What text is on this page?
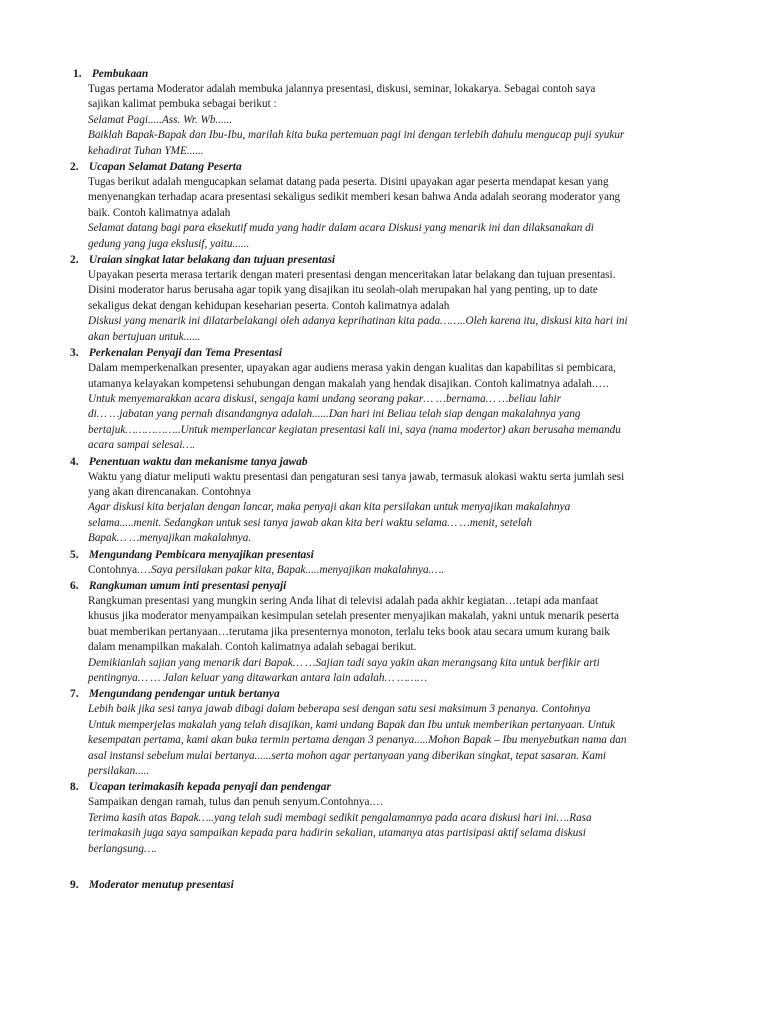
1. Pembukaan

Tugas pertama Moderator adalah membuka jalannya presentasi, diskusi, seminar, lokakarya. Sebagai contoh saya
sajikan kalimat pembuka sebagai berikut :

Selamat Pagi.....Ass. Wr. Wb......

Baiklah Bapak-Bapak dan Ibu-Ibu, marilah kita buka pertemuan pagi ini dengan terlebih dahulu mengucap puji syukur
kehadirat Tuhan YME......

2. Ucapan Selamat Datang Peserta

Tugas berikut adalah mengucapkan selamat datang pada peserta. Disini upayakan agar peserta mendapat kesan yang
menyenangkan terhadap acara presentasi sekaligus sedikit memberi kesan bahwa Anda adalah seorang moderator yang
baik. Contoh kalimatnya adalah

Selamat datang bagi para eksekutif muda yang hadir dalam acara Diskusi yang menarik ini dan dilaksanakan di
gedung yang juga ekslusif, yaitu......

2. Uraian singkat latar belakang dan tujuan presentasi

Upayakan peserta merasa tertarik dengan materi presentasi dengan menceritakan latar belakang dan tujuan presentasi.
Disini moderator harus berusaha agar topik yang disajikan itu seolah-olah merupakan hal yang penting, up to date
sekaligus dekat dengan kehidupan keseharian peserta. Contoh kalimatnya adalah

Diskusi yang menarik ini dilatarbelakangi oleh adanya keprihatinan kita pada……..Oleh karena itu, diskusi kita hari ini
akan bertujuan untuk......

3. Perkenalan Penyaji dan Tema Presentasi

Dalam memperkenalkan presenter, upayakan agar audiens merasa yakin dengan kualitas dan kapabilitas si pembicara,
utamanya kelayakan kompetensi sehubungan dengan makalah yang hendak disajikan. Contoh kalimatnya adalah.….

Untuk menyemarakkan acara diskusi, sengaja kami undang seorang pakar… …bernama… …beliau lahir
di… …jabatan yang pernah disandangnya adalah......Dan hari ini Beliau telah siap dengan makalahnya yang
bertajuk……………..Untuk memperlancar kegiatan presentasi kali ini, saya (nama modertor) akan berusaha memandu
acara sampai selesai….

4. Penentuan waktu dan mekanisme tanya jawab

Waktu yang diatur meliputi waktu presentasi dan pengaturan sesi tanya jawab, termasuk alokasi waktu serta jumlah sesi
yang akan direncanakan. Contohnya

Agar diskusi kita berjalan dengan lancar, maka penyaji akan kita persilakan untuk menyajikan makalahnya
selama.....menit. Sedangkan untuk sesi tanya jawab akan kita beri waktu selama… …menit, setelah
Bapak… …menyajikan makalahnya.

5. Mengundang Pembicara menyajikan presentasi

Contohnya.…Saya persilakan pakar kita, Bapak.....menyajikan makalahnya.….

6. Rangkuman umum inti presentasi penyaji

Rangkuman presentasi yang mungkin sering Anda lihat di televisi adalah pada akhir kegiatan…tetapi ada manfaat
khusus jika moderator menyampaikan kesimpulan setelah presenter menyajikan makalah, yakni untuk menarik peserta
buat memberikan pertanyaan…terutama jika presenternya monoton, terlalu teks book atau secara umum kurang baik
dalam menampilkan makalah. Contoh kalimatnya adalah sebagai berikut.

Demikianlah sajian yang menarik dari Bapak… …Sajian tadi saya yakin akan merangsang kita untuk berfikir arti
pentingnya… … Jalan keluar yang ditawarkan antara lain adalah… ………

7. Mengundang pendengar untuk bertanya

Lebih baik jika sesi tanya jawab dibagi dalam beberapa sesi dengan satu sesi maksimum 3 penanya. Contohnya
Untuk memperjelas makalah yang telah disajikan, kami undang Bapak dan Ibu untuk memberikan pertanyaan. Untuk
kesempatan pertama, kami akan buka termin pertama dengan 3 penanya.....Mohon Bapak – Ibu menyebutkan nama dan
asal instansi sebelum mulai bertanya......serta mohon agar pertanyaan yang diberikan singkat, tepat sasaran. Kami
persilakan.....

8. Ucapan terimakasih kepada penyaji dan pendengar

Sampaikan dengan ramah, tulus dan penuh senyum.Contohnya.…

Terima kasih atas Bapak…..yang telah sudi membagi sedikit pengalamannya pada acara diskusi hari ini….Rasa
terimakasih juga saya sampaikan kepada para hadirin sekalian, utamanya atas partisipasi aktif selama diskusi
berlangsung….

9. Moderator menutup presentasi
